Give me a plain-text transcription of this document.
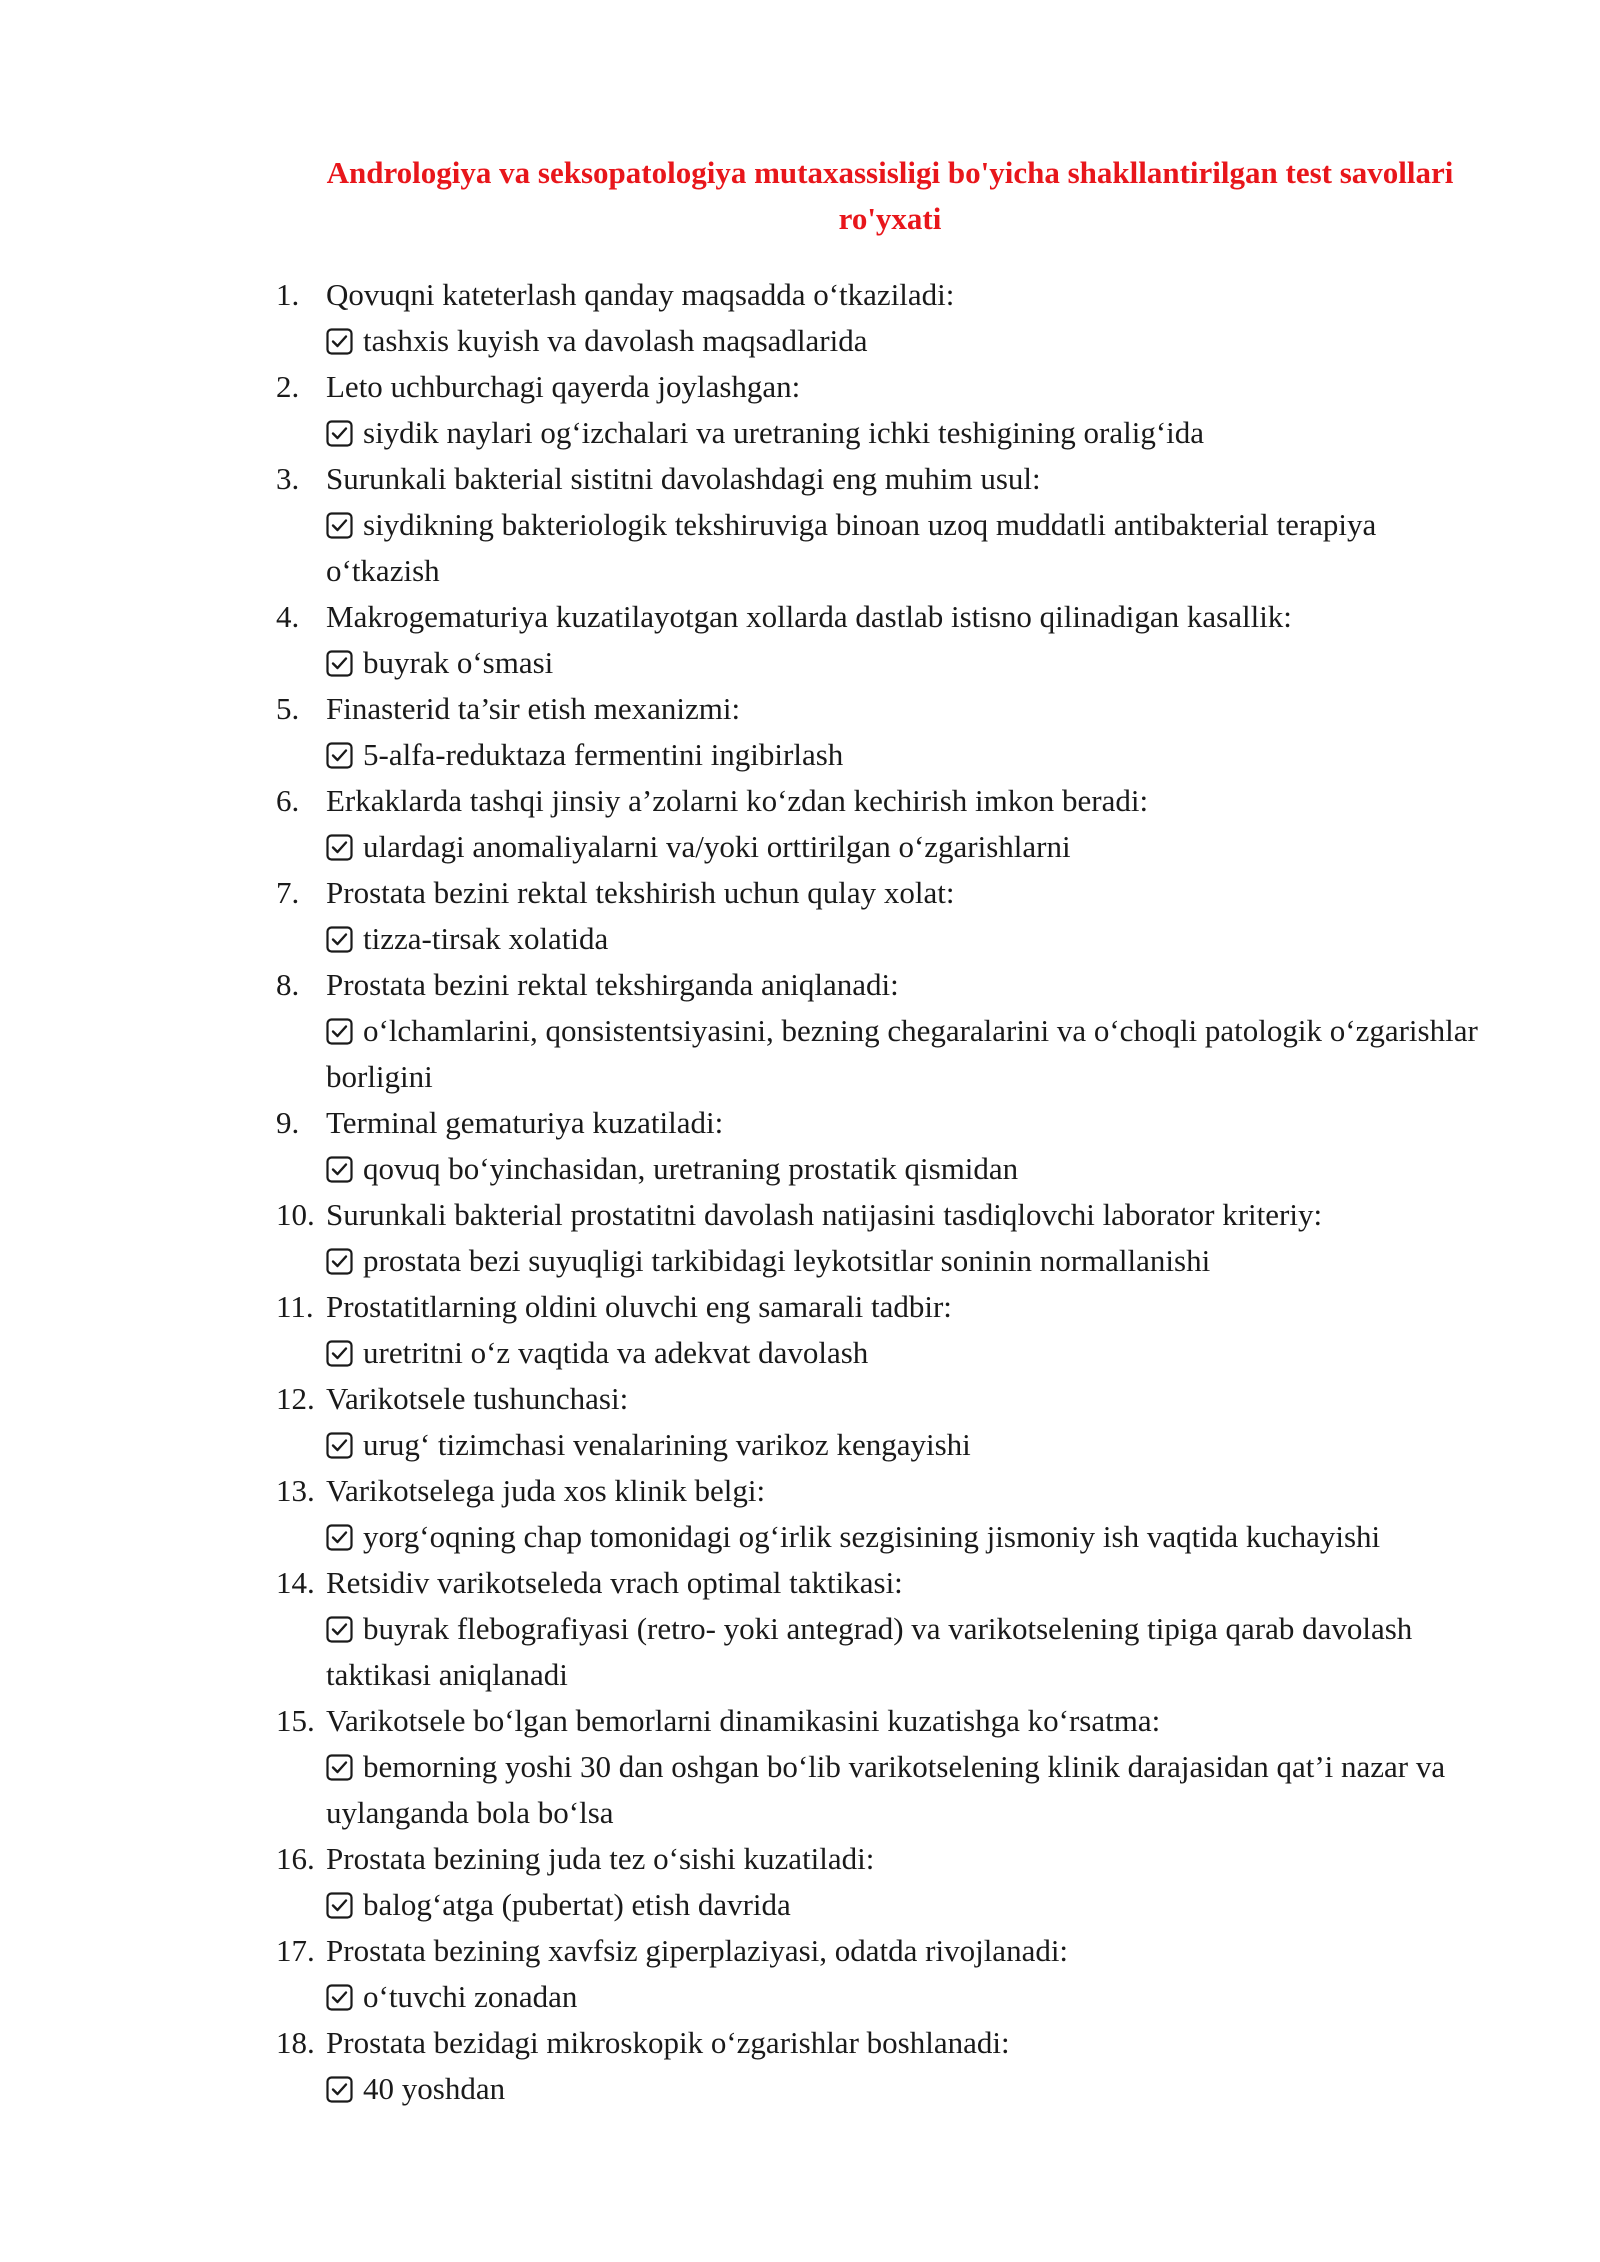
Andrologiya va seksopatologiya mutaxassisligi bo'yicha shakllantirilgan test savollari
ro'yxati
1. Qovuqni kateterlash qanday maqsadda o‘tkaziladi:
tashxis kuyish va davolash maqsadlarida
2. Leto uchburchagi qayerda joylashgan:
siydik naylari og‘izchalari va uretraning ichki teshigining oralig‘ida
3. Surunkali bakterial sistitni davolashdagi eng muhim usul:
siydikning bakteriologik tekshiruviga binoan uzoq muddatli antibakterial terapiya o‘tkazish
4. Makrogematuriya kuzatilayotgan xollarda dastlab istisno qilinadigan kasallik:
buyrak o‘smasi
5. Finasterid ta’sir etish mexanizmi:
5-alfa-reduktaza fermentini ingibirlash
6. Erkaklarda tashqi jinsiy a’zolarni ko‘zdan kechirish imkon beradi:
ulardagi anomaliyalarni va/yoki orttirilgan o‘zgarishlarni
7. Prostata bezini rektal tekshirish uchun qulay xolat:
tizza-tirsak xolatida
8. Prostata bezini rektal tekshirganda aniqlanadi:
o‘lchamlarini, qonsistentsiyasini, bezning chegaralarini va o‘choqli patologik o‘zgarishlar borligini
9. Terminal gematuriya kuzatiladi:
qovuq bo‘yinchasidan, uretraning prostatik qismidan
10. Surunkali bakterial prostatitni davolash natijasini tasdiqlovchi laborator kriteriy:
prostata bezi suyuqligi tarkibidagi leykotsitlar soninin normallanishi
11. Prostatitlarning oldini oluvchi eng samarali tadbir:
uretritni o‘z vaqtida va adekvat davolash
12. Varikotsele tushunchasi:
urug‘ tizimchasi venalarining varikoz kengayishi
13. Varikotselega juda xos klinik belgi:
yorg‘oqning chap tomonidagi og‘irlik sezgisining jismoniy ish vaqtida kuchayishi
14. Retsidiv varikotseleda vrach optimal taktikasi:
buyrak flebografiyasi (retro- yoki antegrad) va varikotselening tipiga qarab davolash taktikasi aniqlanadi
15. Varikotsele bo‘lgan bemorlarni dinamikasini kuzatishga ko‘rsatma:
bemorning yoshi 30 dan oshgan bo‘lib varikotselening klinik darajasidan qat’i nazar va uylanganda bola bo‘lsa
16. Prostata bezining juda tez o‘sishi kuzatiladi:
balog‘atga (pubertat) etish davrida
17. Prostata bezining xavfsiz giperplaziyasi, odatda rivojlanadi:
o‘tuvchi zonadan
18. Prostata bezidagi mikroskopik o‘zgarishlar boshlanadi:
40 yoshdan
